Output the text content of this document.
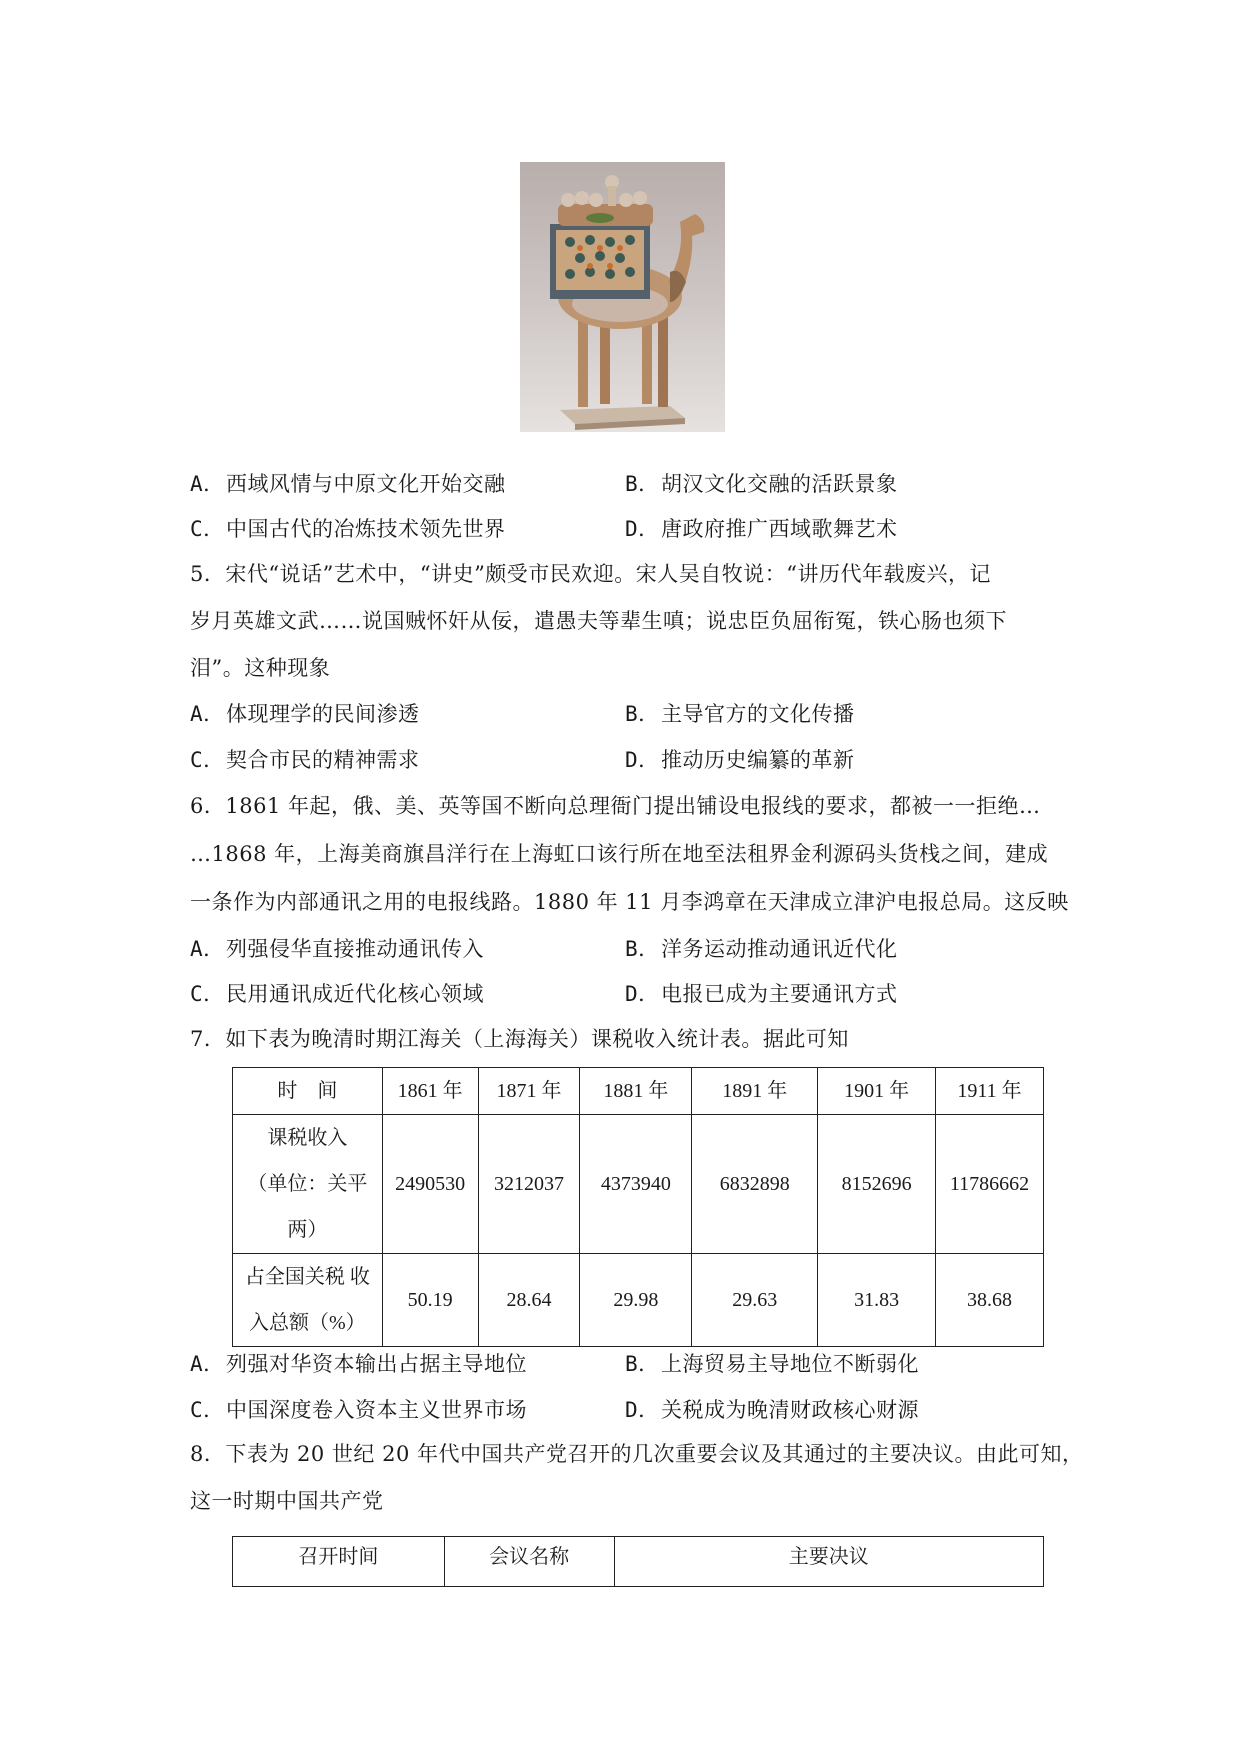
A．西域风情与中原文化开始交融	B．胡汉文化交融的活跃景象
C．中国古代的冶炼技术领先世界	D．唐政府推广西域歌舞艺术
5．宋代“说话”艺术中，“讲史”颇受市民欢迎。宋人吴自牧说：“讲历代年载废兴，记
岁月英雄文武……说国贼怀奸从佞，遣愚夫等辈生嗔；说忠臣负屈衔冤，铁心肠也须下
泪”。这种现象
A．体现理学的民间渗透	B．主导官方的文化传播
C．契合市民的精神需求	D．推动历史编纂的革新
6．1861 年起，俄、美、英等国不断向总理衙门提出铺设电报线的要求，都被一一拒绝…
…1868 年，上海美商旗昌洋行在上海虹口该行所在地至法租界金利源码头货栈之间，建成
一条作为内部通讯之用的电报线路。1880 年 11 月李鸿章在天津成立津沪电报总局。这反映
A．列强侵华直接推动通讯传入	B．洋务运动推动通讯近代化
C．民用通讯成近代化核心领域	D．电报已成为主要通讯方式
7．如下表为晚清时期江海关（上海海关）课税收入统计表。据此可知
时　间	1861 年	1871 年	1881 年	1891 年	1901 年	1911 年

课税收入
（单位：关平
两）	2490530	3212037	4373940	6832898	8152696	11786662

占全国关税 收
入总额（%）	50.19	28.64	29.98	29.63	31.83	38.68
A．列强对华资本输出占据主导地位	B．上海贸易主导地位不断弱化
C．中国深度卷入资本主义世界市场	D．关税成为晚清财政核心财源
8．下表为 20 世纪 20 年代中国共产党召开的几次重要会议及其通过的主要决议。由此可知，
这一时期中国共产党
召开时间	会议名称	主要决议
